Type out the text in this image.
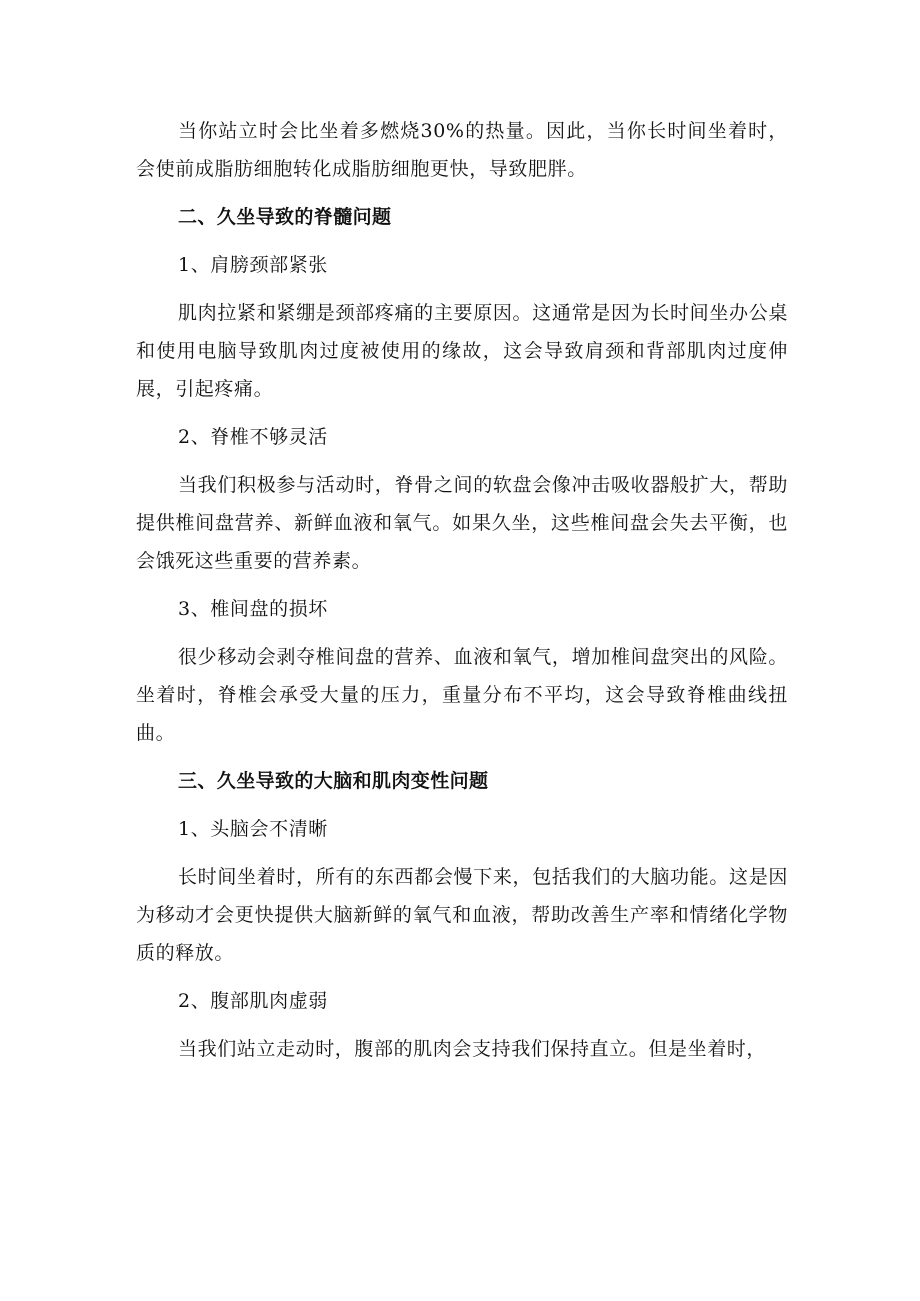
当你站立时会比坐着多燃烧30%的热量。因此，当你长时间坐着时，会使前成脂肪细胞转化成脂肪细胞更快，导致肥胖。

二、久坐导致的脊髓问题

1、肩膀颈部紧张

肌肉拉紧和紧绷是颈部疼痛的主要原因。这通常是因为长时间坐办公桌和使用电脑导致肌肉过度被使用的缘故，这会导致肩颈和背部肌肉过度伸展，引起疼痛。

2、脊椎不够灵活

当我们积极参与活动时，脊骨之间的软盘会像冲击吸收器般扩大，帮助提供椎间盘营养、新鲜血液和氧气。如果久坐，这些椎间盘会失去平衡，也会饿死这些重要的营养素。

3、椎间盘的损坏

很少移动会剥夺椎间盘的营养、血液和氧气，增加椎间盘突出的风险。坐着时，脊椎会承受大量的压力，重量分布不平均，这会导致脊椎曲线扭曲。

三、久坐导致的大脑和肌肉变性问题

1、头脑会不清晰

长时间坐着时，所有的东西都会慢下来，包括我们的大脑功能。这是因为移动才会更快提供大脑新鲜的氧气和血液，帮助改善生产率和情绪化学物质的释放。

2、腹部肌肉虚弱

当我们站立走动时，腹部的肌肉会支持我们保持直立。但是坐着时，
